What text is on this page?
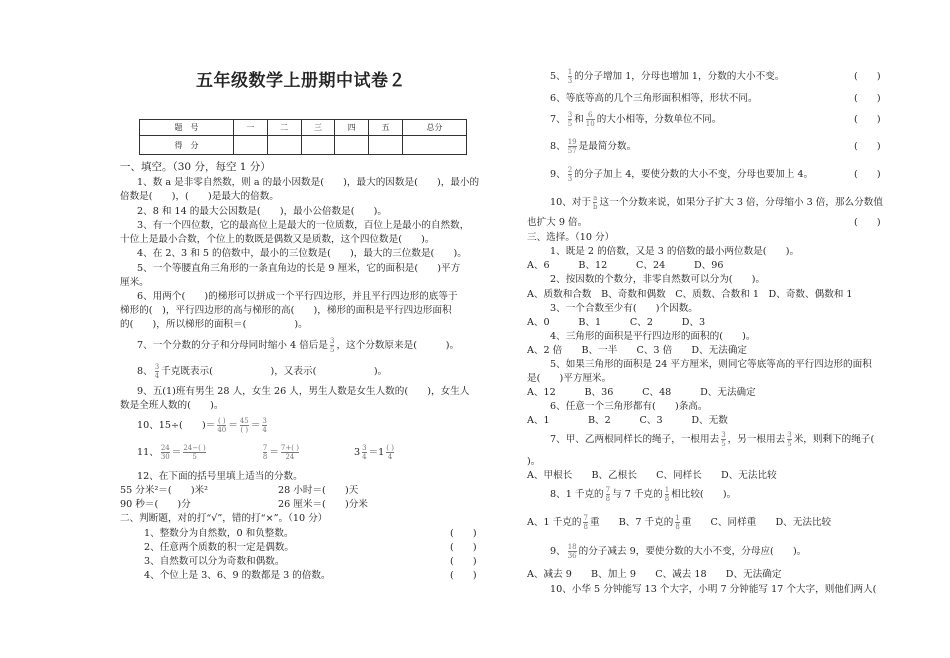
五年级数学上册期中试卷２
题　号	一	二	三	四	五	总分
得　分						
一、填空。（30 分，每空 1 分）
1、数 a 是非零自然数，则 a 的最小因数是(　　)，最大的因数是(　　)，最小的
倍数是(　　)，(　　)是最大的倍数。
2、8 和 14 的最大公因数是(　　)，最小公倍数是(　　)。
3、有一个四位数，它的最高位上是最大的一位质数，百位上是最小的自然数，
十位上是最小合数，个位上的数既是偶数又是质数，这个四位数是(　　)。
4、在 2、3 和 5 的倍数中，最小的三位数是(　　)，最大的三位数是(　　)。
5、一个等腰直角三角形的一条直角边的长是 9 厘米，它的面积是(　　)平方
厘米。
6、用两个(　　)的梯形可以拼成一个平行四边形，并且平行四边形的底等于
梯形的(　)，平行四边形的高与梯形的高(　　)，梯形的面积是平行四边形面积
的(　　)，所以梯形的面积＝(　　　　　)。
7、一个分数的分子和分母同时缩小 4 倍后是 $\frac{3}{5}$ ，这个分数原来是(　　　)。
8、 $\frac{3}{4}$ 千克既表示(　　　　　　)，又表示(　　　　　　)。
9、五(1)班有男生 28 人，女生 26 人，男生人数是女生人数的(　　)，女生人
数是全班人数的(　　)。
10、15÷(　　)＝ $\frac{( )}{40} = \frac{45}{( )} = \frac{3}{4}$
11、 $\frac{24}{30} = \frac{24-( )}{5}$
	$\frac{7}{8} = \frac{7+( )}{24}$	$3 \frac{3}{4} =1 \frac{( )}{4}$
12、在下面的括号里填上适当的分数。
55 分米²＝(　　)米²	28 小时＝(　　)天
90 秒＝(　　)分	26 厘米＝(　　)分米
二、判断题，对的打“√”，错的打“×”。（10 分）
1、整数分为自然数，0 和负整数。	(　　)
2、任意两个质数的积一定是偶数。	(　　)
3、自然数可以分为奇数和偶数。	(　　)
4、个位上是 3、6、9 的数都是 3 的倍数。	(　　)
5、 $\frac{1}{3}$ 的分子增加 1，分母也增加 1，分数的大小不变。	(　　)
6、等底等高的几个三角形面积相等，形状不同。	(　　)
7、 $\frac{3}{5}$ 和 $\frac{6}{10}$ 的大小相等，分数单位不同。	(　　)
8、 $\frac{19}{57}$ 是最简分数。	(　　)
9、 $\frac{2}{3}$ 的分子加上 4，要使分数的大小不变，分母也要加上 4。	(　　)
10、对于 $\frac{a}{b}$ 这一个分数来说，如果分子扩大 3 倍，分母缩小 3 倍，那么分数值
也扩大 9 倍。	(　　)
三、选择。（10 分）
1、既是 2 的倍数，又是 3 的倍数的最小两位数是(　　)。
A、6　　　B、12　　　C、24　　　D、96
2、按因数的个数分，非零自然数可以分为(　　)。
A、质数和合数　B、奇数和偶数　C、质数、合数和 1　D、奇数、偶数和 1
3、一个合数至少有(　　)个因数。
A、0　　　B、1　　　C、2　　　D、3
4、三角形的面积是平行四边形的面积的(　　)。
A、2 倍　　B、一半　　C、3 倍　　D、无法确定
5、如果三角形的面积是 24 平方厘米，则同它等底等高的平行四边形的面积
是(　　)平方厘米。
A、12　　　B、36　　　C、48　　　D、无法确定
6、任意一个三角形都有(　　)条高。
A、1　　　　B、2　　　C、3　　　D、无数
7、甲、乙两根同样长的绳子，一根用去 $\frac{3}{5}$ ，另一根用去 $\frac{3}{5}$ 米，则剩下的绳子(
)。
A、甲根长　　B、乙根长　　C、同样长　　D、无法比较
8、1 千克的 $\frac{7}{8}$ 与 7 千克的 $\frac{1}{8}$ 相比较(　　)。
A、1 千克的 $\frac{7}{8}$ 重　　B、7 千克的 $\frac{1}{8}$ 重　　C、同样重　　D、无法比较
9、 $\frac{18}{36}$ 的分子减去 9，要使分数的大小不变，分母应(　　)。
A、减去 9　　B、加上 9　　C、减去 18　　D、无法确定
10、小华 5 分钟能写 13 个大字，小明 7 分钟能写 17 个大字，则他们两人(
